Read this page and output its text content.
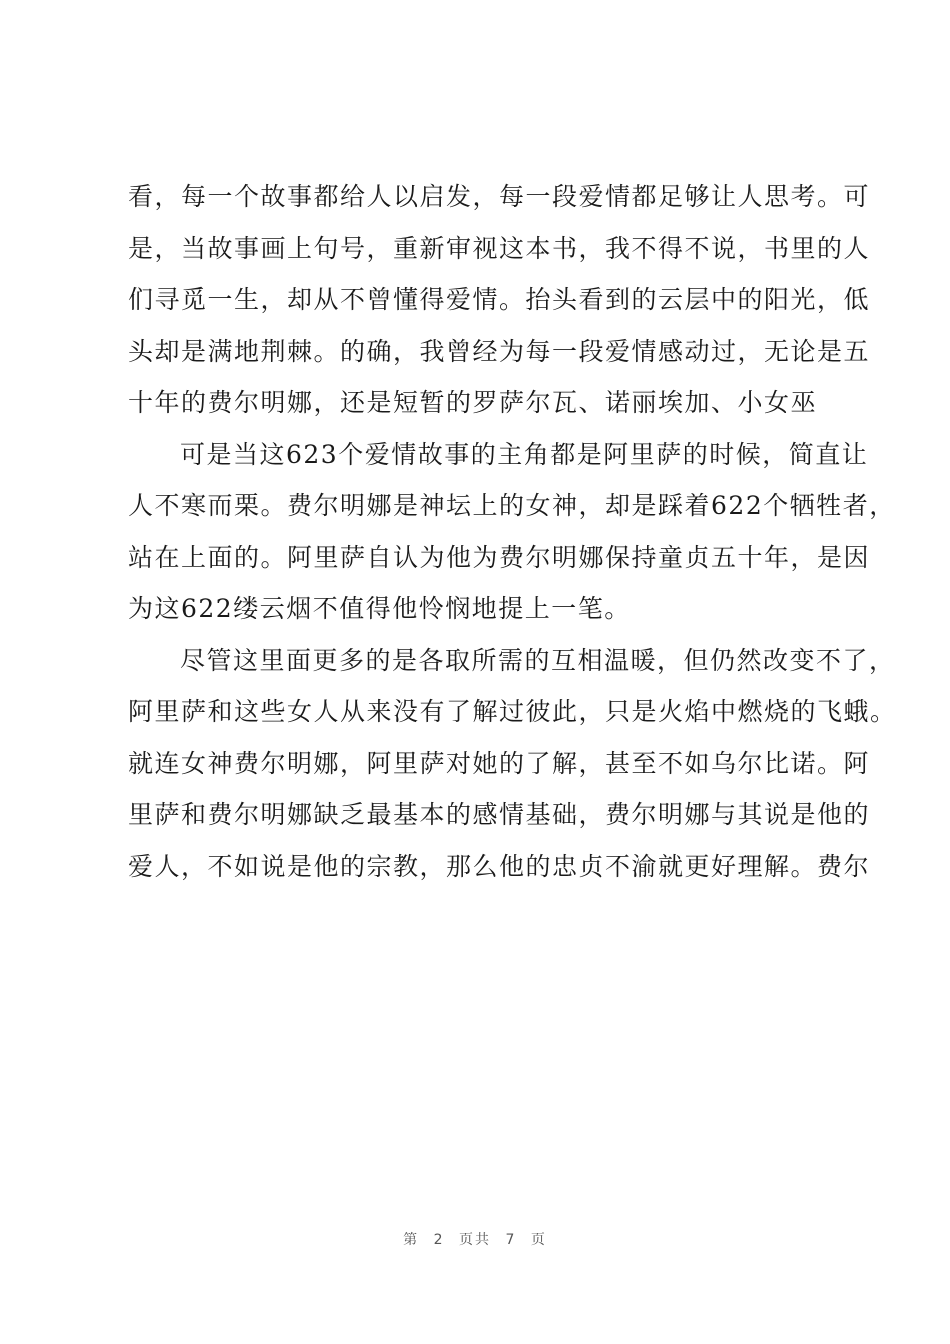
看，每一个故事都给人以启发，每一段爱情都足够让人思考。可
是，当故事画上句号，重新审视这本书，我不得不说，书里的人
们寻觅一生，却从不曾懂得爱情。抬头看到的云层中的阳光，低
头却是满地荆棘。的确，我曾经为每一段爱情感动过，无论是五
十年的费尔明娜，还是短暂的罗萨尔瓦、诺丽埃加、小女巫
可是当这623个爱情故事的主角都是阿里萨的时候，简直让
人不寒而栗。费尔明娜是神坛上的女神，却是踩着622个牺牲者，
站在上面的。阿里萨自认为他为费尔明娜保持童贞五十年，是因
为这622缕云烟不值得他怜悯地提上一笔。
尽管这里面更多的是各取所需的互相温暖，但仍然改变不了，
阿里萨和这些女人从来没有了解过彼此，只是火焰中燃烧的飞蛾。
就连女神费尔明娜，阿里萨对她的了解，甚至不如乌尔比诺。阿
里萨和费尔明娜缺乏最基本的感情基础，费尔明娜与其说是他的
爱人，不如说是他的宗教，那么他的忠贞不渝就更好理解。费尔
第 2 页共 7 页
